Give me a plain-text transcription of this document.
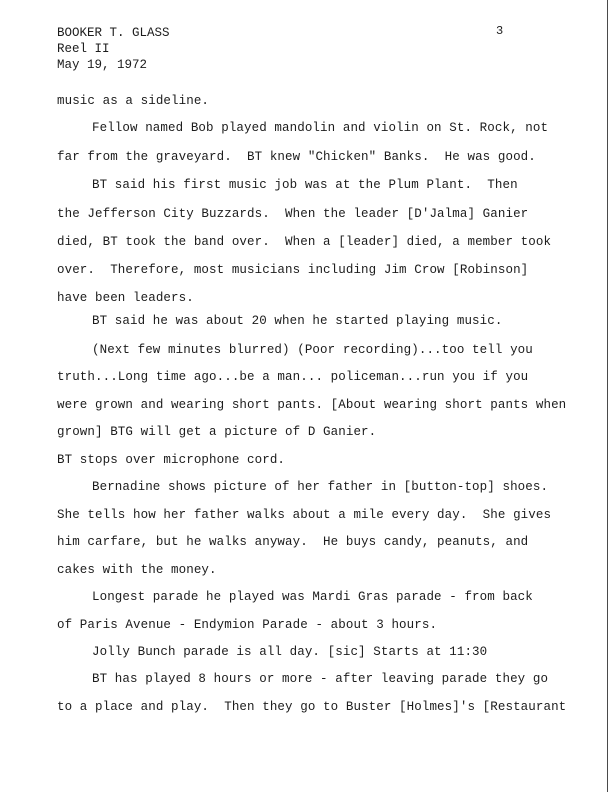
BOOKER T. GLASS
Reel II
May 19, 1972
3
music as a sideline.
Fellow named Bob played mandolin and violin on St. Rock, not
far from the graveyard.  BT knew "Chicken" Banks.  He was good.
BT said his first music job was at the Plum Plant.  Then
the Jefferson City Buzzards.  When the leader [D'Jalma] Ganier
died, BT took the band over.  When a [leader] died, a member took
over.  Therefore, most musicians including Jim Crow [Robinson]
have been leaders.
BT said he was about 20 when he started playing music.
(Next few minutes blurred) (Poor recording)...too tell you
truth...Long time ago...be a man... policeman...run you if you
were grown and wearing short pants. [About wearing short pants when
grown] BTG will get a picture of D Ganier.
BT stops over microphone cord.
Bernadine shows picture of her father in [button-top] shoes.
She tells how her father walks about a mile every day.  She gives
him carfare, but he walks anyway.  He buys candy, peanuts, and
cakes with the money.
Longest parade he played was Mardi Gras parade - from back
of Paris Avenue - Endymion Parade - about 3 hours.
Jolly Bunch parade is all day. [sic] Starts at 11:30
BT has played 8 hours or more - after leaving parade they go
to a place and play.  Then they go to Buster [Holmes]'s [Restaurant
